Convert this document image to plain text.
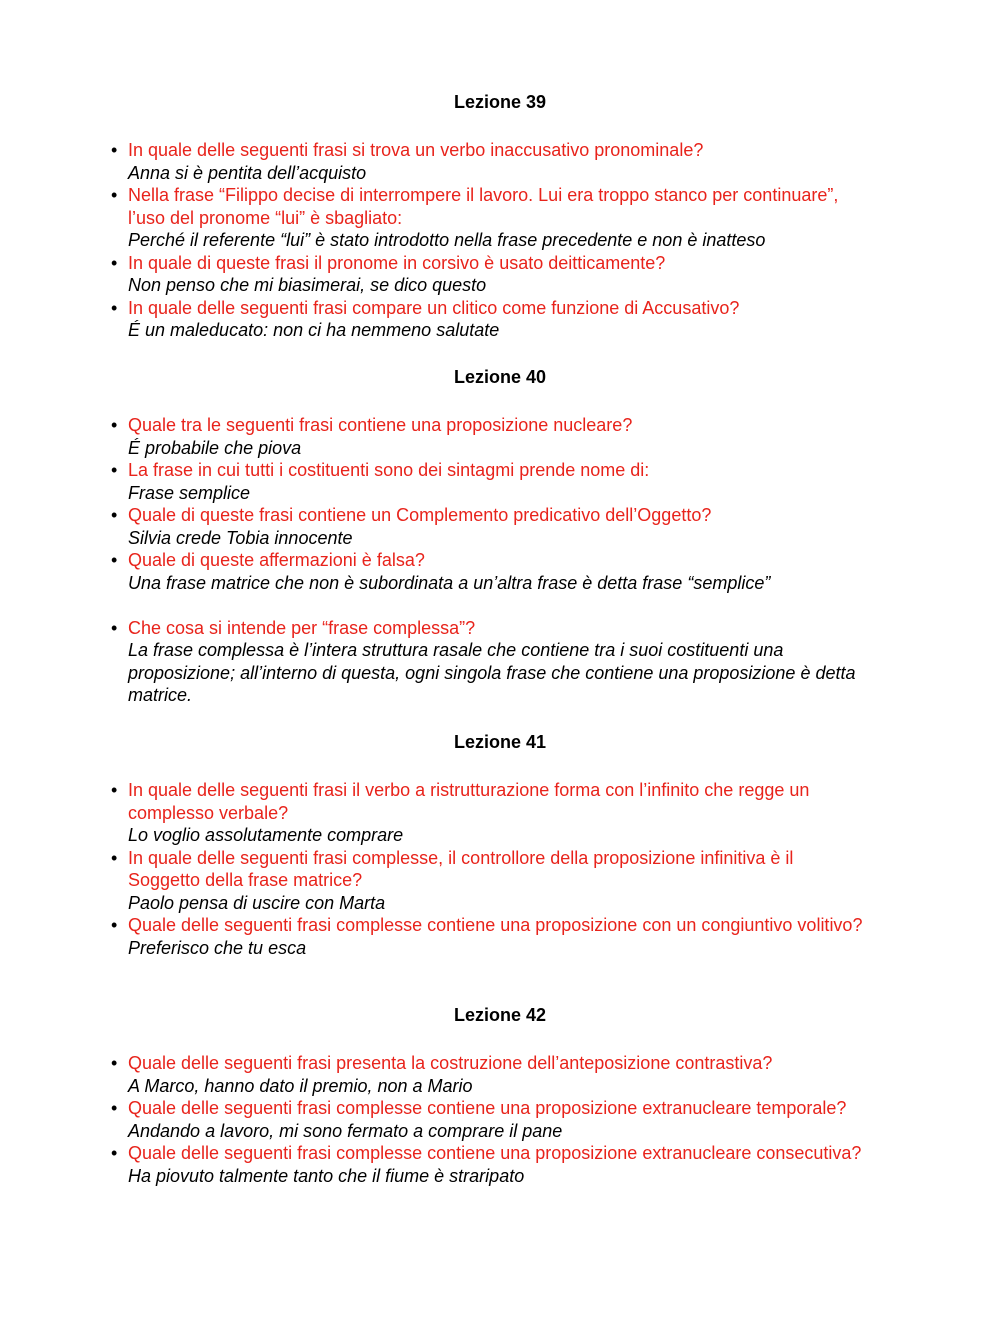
Lezione 39
• In quale delle seguenti frasi si trova un verbo inaccusativo pronominale?
Anna si è pentita dell’acquisto
• Nella frase “Filippo decise di interrompere il lavoro. Lui era troppo stanco per continuare”, l’uso del pronome “lui” è sbagliato:
Perché il referente “lui” è stato introdotto nella frase precedente e non è inatteso
• In quale di queste frasi il pronome in corsivo è usato deitticamente?
Non penso che mi biasimerai, se dico questo
• In quale delle seguenti frasi compare un clitico come funzione di Accusativo?
É un maleducato: non ci ha nemmeno salutate
Lezione 40
• Quale tra le seguenti frasi contiene una proposizione nucleare?
É probabile che piova
• La frase in cui tutti i costituenti sono dei sintagmi prende nome di:
Frase semplice
• Quale di queste frasi contiene un Complemento predicativo dell’Oggetto?
Silvia crede Tobia innocente
• Quale di queste affermazioni è falsa?
Una frase matrice che non è subordinata a un’altra frase è detta frase “semplice”
• Che cosa si intende per “frase complessa”?
La frase complessa è l’intera struttura rasale che contiene tra i suoi costituenti una proposizione; all’interno di questa, ogni singola frase che contiene una proposizione è detta matrice.
Lezione 41
• In quale delle seguenti frasi il verbo a ristrutturazione forma con l’infinito che regge un complesso verbale?
Lo voglio assolutamente comprare
• In quale delle seguenti frasi complesse, il controllore della proposizione infinitiva è il Soggetto della frase matrice?
Paolo pensa di uscire con Marta
• Quale delle seguenti frasi complesse contiene una proposizione con un congiuntivo volitivo?
Preferisco che tu esca
Lezione 42
• Quale delle seguenti frasi presenta la costruzione dell’anteposizione contrastiva?
A Marco, hanno dato il premio, non a Mario
• Quale delle seguenti frasi complesse contiene una proposizione extranucleare temporale?
Andando a lavoro, mi sono fermato a comprare il pane
• Quale delle seguenti frasi complesse contiene una proposizione extranucleare consecutiva?
Ha piovuto talmente tanto che il fiume è straripato
